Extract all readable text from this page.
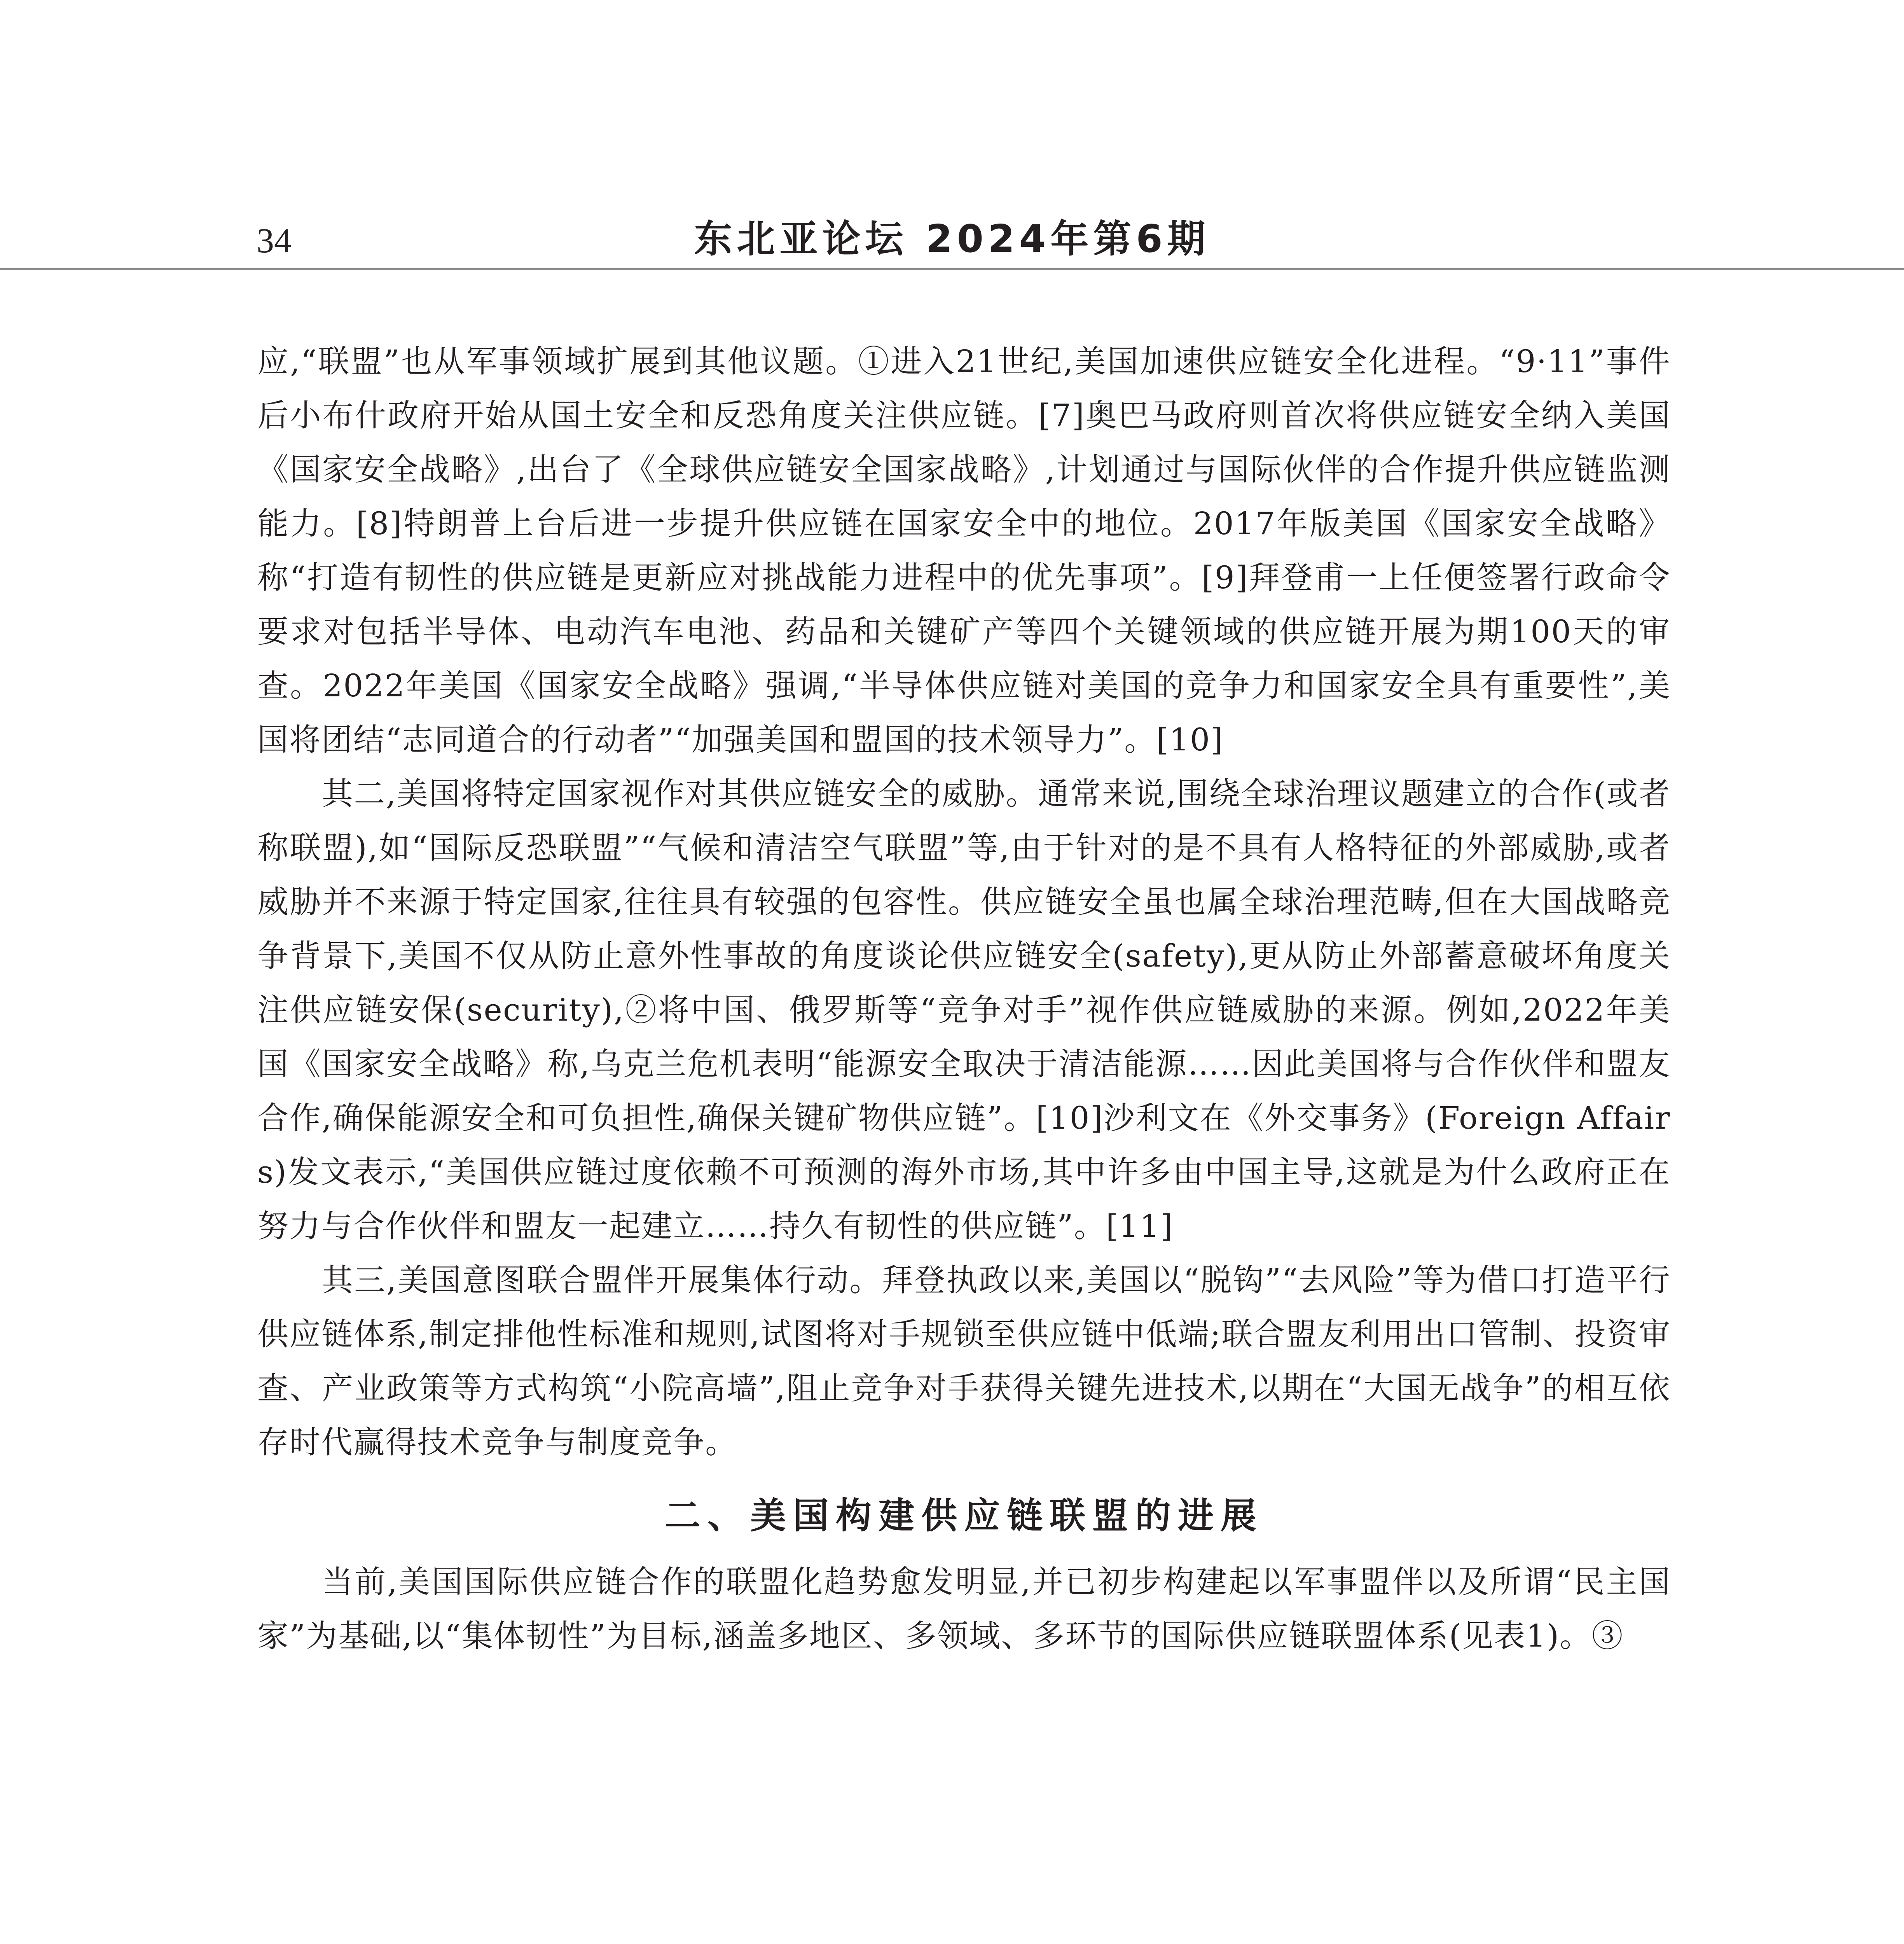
34	东北亚论坛 2024年第6期

应,“联盟”也从军事领域扩展到其他议题。①进入21世纪,美国加速供应链安全化进程。“9·11”事件后小布什政府开始从国土安全和反恐角度关注供应链。[7]奥巴马政府则首次将供应链安全纳入美国《国家安全战略》,出台了《全球供应链安全国家战略》,计划通过与国际伙伴的合作提升供应链监测能力。[8]特朗普上台后进一步提升供应链在国家安全中的地位。2017年版美国《国家安全战略》称“打造有韧性的供应链是更新应对挑战能力进程中的优先事项”。[9]拜登甫一上任便签署行政命令要求对包括半导体、电动汽车电池、药品和关键矿产等四个关键领域的供应链开展为期100天的审查。2022年美国《国家安全战略》强调,“半导体供应链对美国的竞争力和国家安全具有重要性”,美国将团结“志同道合的行动者”“加强美国和盟国的技术领导力”。[10]

其二,美国将特定国家视作对其供应链安全的威胁。通常来说,围绕全球治理议题建立的合作(或者称联盟),如“国际反恐联盟”“气候和清洁空气联盟”等,由于针对的是不具有人格特征的外部威胁,或者威胁并不来源于特定国家,往往具有较强的包容性。供应链安全虽也属全球治理范畴,但在大国战略竞争背景下,美国不仅从防止意外性事故的角度谈论供应链安全(safety),更从防止外部蓄意破坏角度关注供应链安保(security),②将中国、俄罗斯等“竞争对手”视作供应链威胁的来源。例如,2022年美国《国家安全战略》称,乌克兰危机表明“能源安全取决于清洁能源……因此美国将与合作伙伴和盟友合作,确保能源安全和可负担性,确保关键矿物供应链”。[10]沙利文在《外交事务》(Foreign Affairs)发文表示,“美国供应链过度依赖不可预测的海外市场,其中许多由中国主导,这就是为什么政府正在努力与合作伙伴和盟友一起建立……持久有韧性的供应链”。[11]

其三,美国意图联合盟伴开展集体行动。拜登执政以来,美国以“脱钩”“去风险”等为借口打造平行供应链体系,制定排他性标准和规则,试图将对手规锁至供应链中低端;联合盟友利用出口管制、投资审查、产业政策等方式构筑“小院高墙”,阻止竞争对手获得关键先进技术,以期在“大国无战争”的相互依存时代赢得技术竞争与制度竞争。

二、美国构建供应链联盟的进展

当前,美国国际供应链合作的联盟化趋势愈发明显,并已初步构建起以军事盟伴以及所谓“民主国家”为基础,以“集体韧性”为目标,涵盖多地区、多领域、多环节的国际供应链联盟体系(见表1)。③
